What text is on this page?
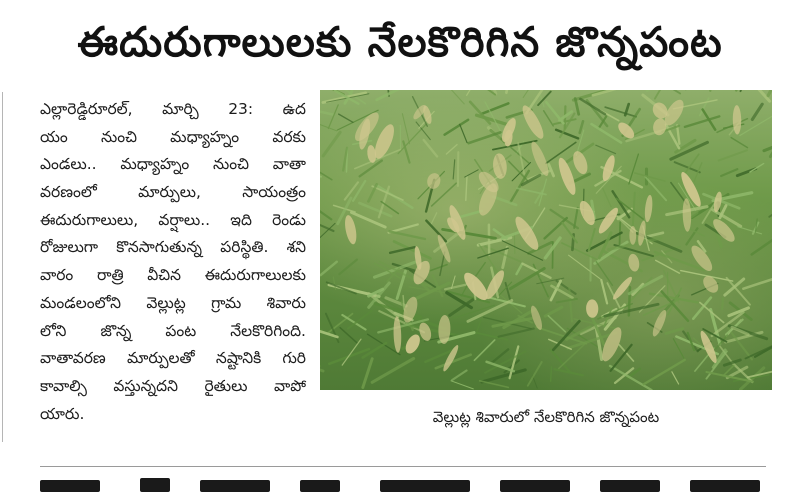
ఈదురుగాలులకు నేలకొరిగిన జొన్నపంట
ఎల్లారెడ్డిరూరల్, మార్చి 23: ఉద
యం నుంచి మధ్యాహ్నం వరకు
ఎండలు.. మధ్యాహ్నం నుంచి వాతా
వరణంలో మార్పులు, సాయంత్రం
ఈదురుగాలులు, వర్షాలు.. ఇది రెండు
రోజులుగా కొనసాగుతున్న పరిస్థితి. శని
వారం రాత్రి వీచిన ఈదురుగాలులకు
మండలంలోని వెల్లుట్ల గ్రామ శివారు
లోని జొన్న పంట నేలకొరిగింది.
వాతావరణ మార్పులతో నష్టానికి గురి
కావాల్సి వస్తున్నదని రైతులు వాపో
యారు.	వెల్లుట్ల శివారులో నేలకొరిగిన జొన్నపంట
